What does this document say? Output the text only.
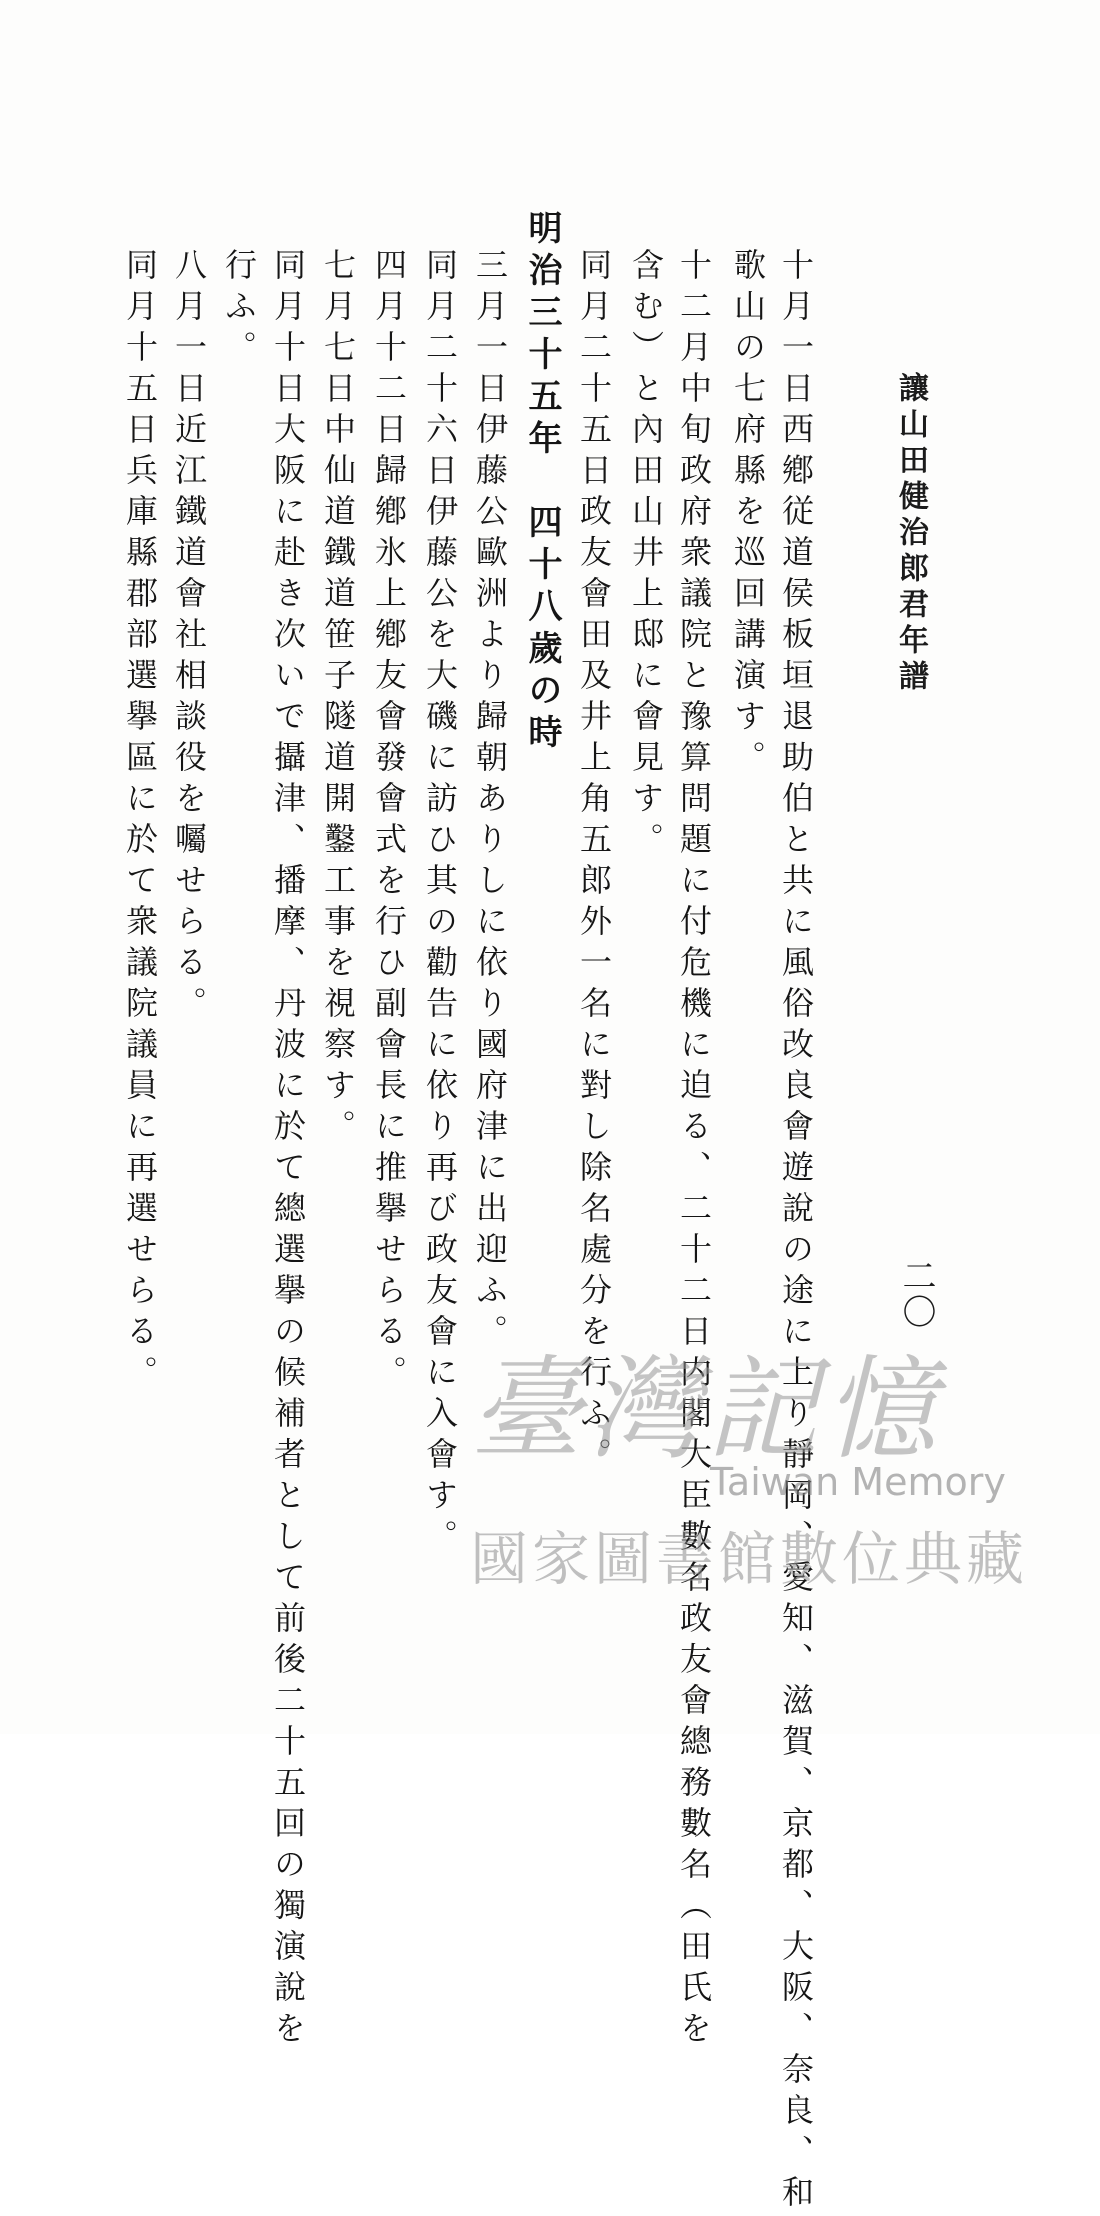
讓山田健治郎君年譜
二〇
十月一日西鄕従道侯板垣退助伯と共に風俗改良會遊說の途に上り靜岡、愛知、滋賀、京都、大阪、奈良、和
歌山の七府縣を巡回講演す。
十二月中旬政府衆議院と豫算問題に付危機に迫る、二十二日内閣大臣數名政友會總務數名（田氏を
含む）と內田山井上邸に會見す。
同月二十五日政友會田及井上角五郎外一名に對し除名處分を行ふ。
明治三十五年　四十八歲の時
三月一日伊藤公歐洲より歸朝ありしに依り國府津に出迎ふ。
同月二十六日伊藤公を大磯に訪ひ其の勸告に依り再び政友會に入會す。
四月十二日歸鄕氷上鄕友會發會式を行ひ副會長に推擧せらる。
七月七日中仙道鐵道笹子隧道開鑿工事を視察す。
同月十日大阪に赴き次いで攝津、播摩、丹波に於て總選擧の候補者として前後二十五回の獨演說を
行ふ。
八月一日近江鐵道會社相談役を囑せらる。
同月十五日兵庫縣郡部選擧區に於て衆議院議員に再選せらる。
臺灣記憶
Taiwan Memory
國家圖書館數位典藏
